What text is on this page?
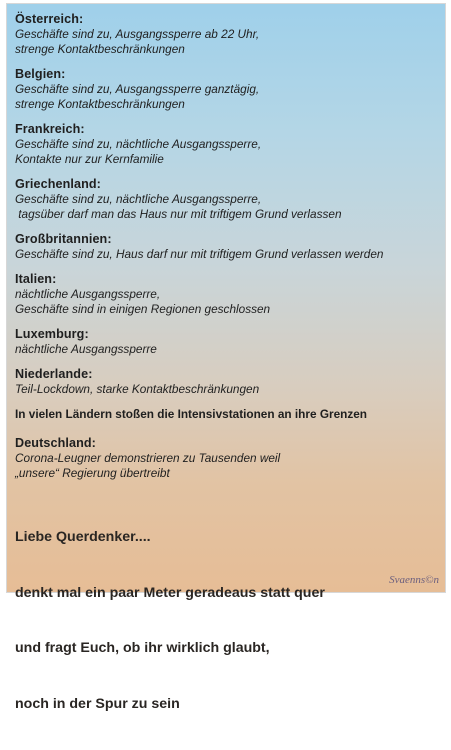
Österreich:
Geschäfte sind zu, Ausgangssperre ab 22 Uhr,
strenge Kontaktbeschränkungen
Belgien:
Geschäfte sind zu, Ausgangssperre ganztägig,
strenge Kontaktbeschränkungen
Frankreich:
Geschäfte sind zu, nächtliche Ausgangssperre,
Kontakte nur zur Kernfamilie
Griechenland:
Geschäfte sind zu, nächtliche Ausgangssperre,
tagsüber darf man das Haus nur mit triftigem Grund verlassen
Großbritannien:
Geschäfte sind zu, Haus darf nur mit triftigem Grund verlassen werden
Italien:
nächtliche Ausgangssperre,
Geschäfte sind in einigen Regionen geschlossen
Luxemburg:
nächtliche Ausgangssperre
Niederlande:
Teil-Lockdown, starke Kontaktbeschränkungen
In vielen Ländern stoßen die Intensivstationen an ihre Grenzen
Deutschland:
Corona-Leugner demonstrieren zu Tausenden weil
„unsere“ Regierung übertreibt

Liebe Querdenker....

denkt mal ein paar Meter geradeaus statt quer

und fragt Euch, ob ihr wirklich glaubt,

noch in der Spur zu sein

Svaenns©n
